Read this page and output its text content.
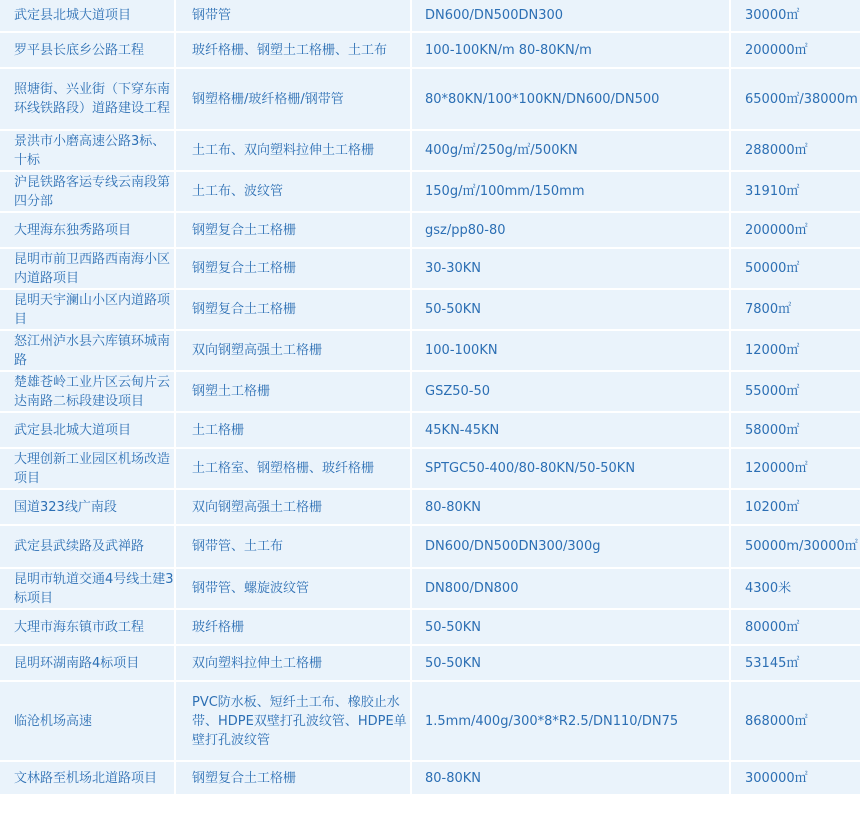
武定县北城大道项目	钢带管	DN600/DN500DN300	30000㎡
罗平县长底乡公路工程	玻纤格栅、钢塑土工格栅、土工布	100-100KN/m 80-80KN/m	200000㎡
照塘街、兴业街（下穿东南环线铁路段）道路建设工程	钢塑格栅/玻纤格栅/钢带管	80*80KN/100*100KN/DN600/DN500	65000㎡/38000m
景洪市小磨高速公路3标、十标	土工布、双向塑料拉伸土工格栅	400g/㎡/250g/㎡/500KN	288000㎡
沪昆铁路客运专线云南段第四分部	土工布、波纹管	150g/㎡/100mm/150mm	31910㎡
大理海东独秀路项目	钢塑复合土工格栅	gsz/pp80-80	200000㎡
昆明市前卫西路西南海小区内道路项目	钢塑复合土工格栅	30-30KN	50000㎡
昆明天宇澜山小区内道路项目	钢塑复合土工格栅	50-50KN	7800㎡
怒江州泸水县六库镇环城南路	双向钢塑高强土工格栅	100-100KN	12000㎡
楚雄苍岭工业片区云甸片云达南路二标段建设项目	钢塑土工格栅	GSZ50-50	55000㎡
武定县北城大道项目	土工格栅	45KN-45KN	58000㎡
大理创新工业园区机场改造项目	土工格室、钢塑格栅、玻纤格栅	SPTGC50-400/80-80KN/50-50KN	120000㎡
国道323线广南段	双向钢塑高强土工格栅	80-80KN	10200㎡
武定县武续路及武禅路	钢带管、土工布	DN600/DN500DN300/300g	50000m/30000㎡
昆明市轨道交通4号线土建3标项目	钢带管、螺旋波纹管	DN800/DN800	4300米
大理市海东镇市政工程	玻纤格栅	50-50KN	80000㎡
昆明环湖南路4标项目	双向塑料拉伸土工格栅	50-50KN	53145㎡
临沧机场高速	PVC防水板、短纤土工布、橡胶止水带、HDPE双壁打孔波纹管、HDPE单壁打孔波纹管	1.5mm/400g/300*8*R2.5/DN110/DN75	868000㎡
文林路至机场北道路项目	钢塑复合土工格栅	80-80KN	300000㎡
